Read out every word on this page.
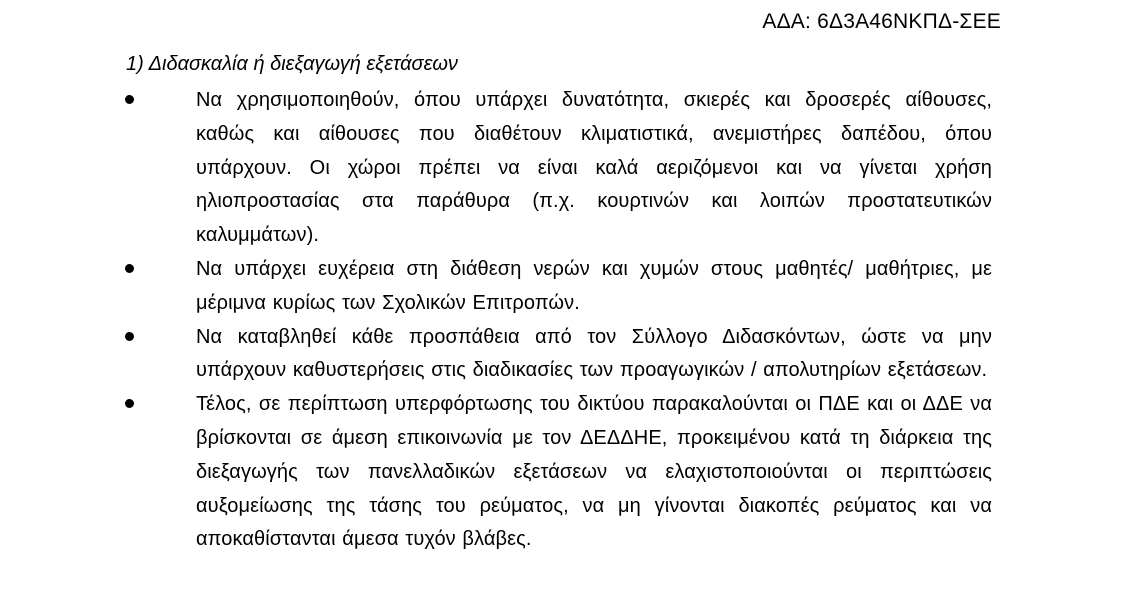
ΑΔΑ: 6Δ3Α46ΝΚΠΔ-ΣΕΕ
1) Διδασκαλία ή διεξαγωγή εξετάσεων
Να χρησιμοποιηθούν, όπου υπάρχει δυνατότητα, σκιερές και δροσερές αίθουσες, καθώς και αίθουσες που διαθέτουν κλιματιστικά, ανεμιστήρες δαπέδου, όπου υπάρχουν. Οι χώροι πρέπει να είναι καλά αεριζόμενοι και να γίνεται χρήση ηλιοπροστασίας στα παράθυρα (π.χ. κουρτινών και λοιπών προστατευτικών καλυμμάτων).
Να υπάρχει ευχέρεια στη διάθεση νερών και χυμών στους μαθητές/ μαθήτριες, με μέριμνα κυρίως των Σχολικών Επιτροπών.
Να καταβληθεί κάθε προσπάθεια από τον Σύλλογο Διδασκόντων, ώστε να μην υπάρχουν καθυστερήσεις στις διαδικασίες των προαγωγικών / απολυτηρίων εξετάσεων.
Τέλος, σε περίπτωση υπερφόρτωσης του δικτύου παρακαλούνται οι ΠΔΕ και οι ΔΔΕ να βρίσκονται σε άμεση επικοινωνία με τον ΔΕΔΔΗΕ, προκειμένου κατά τη διάρκεια της διεξαγωγής των πανελλαδικών εξετάσεων να ελαχιστοποιούνται οι περιπτώσεις αυξομείωσης της τάσης του ρεύματος, να μη γίνονται διακοπές ρεύματος και να αποκαθίστανται άμεσα τυχόν βλάβες.
